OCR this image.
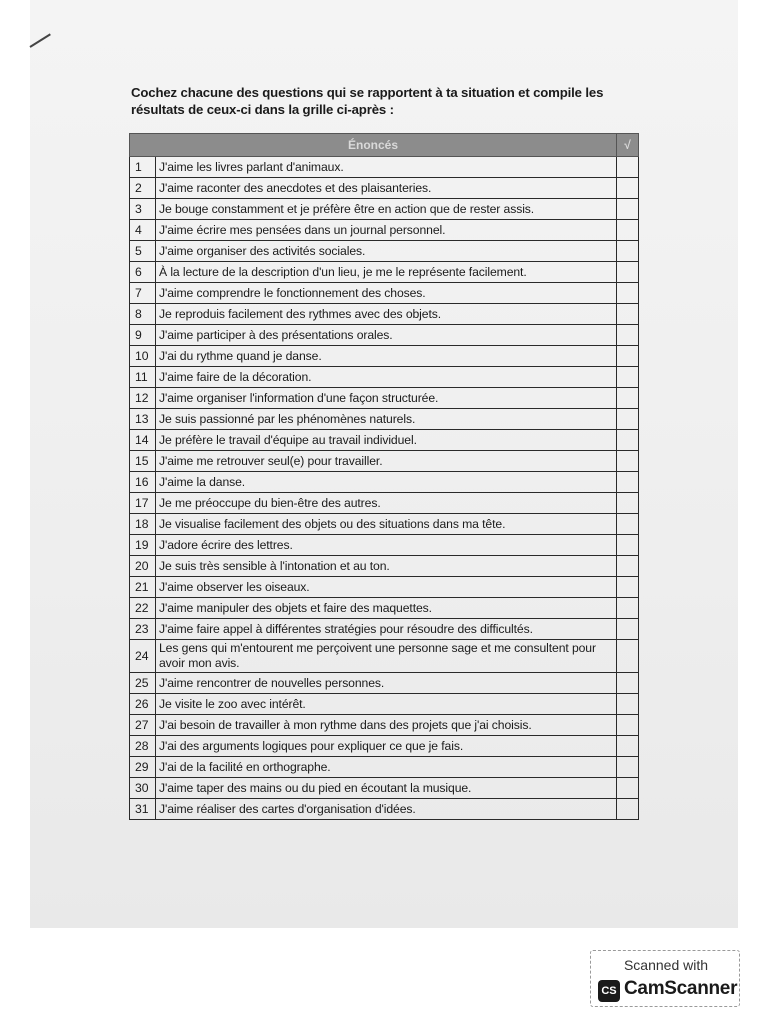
Cochez chacune des questions qui se rapportent à ta situation et compile les résultats de ceux-ci dans la grille ci-après :
Énoncés		√
1	J'aime les livres parlant d'animaux.	
2	J'aime raconter des anecdotes et des plaisanteries.	
3	Je bouge constamment et je préfère être en action que de rester assis.	
4	J'aime écrire mes pensées dans un journal personnel.	
5	J'aime organiser des activités sociales.	
6	À la lecture de la description d'un lieu, je me le représente facilement.	
7	J'aime comprendre le fonctionnement des choses.	
8	Je reproduis facilement des rythmes avec des objets.	
9	J'aime participer à des présentations orales.	
10	J'ai du rythme quand je danse.	
11	J'aime faire de la décoration.	
12	J'aime organiser l'information d'une façon structurée.	
13	Je suis passionné par les phénomènes naturels.	
14	Je préfère le travail d'équipe au travail individuel.	
15	J'aime me retrouver seul(e) pour travailler.	
16	J'aime la danse.	
17	Je me préoccupe du bien-être des autres.	
18	Je visualise facilement des objets ou des situations dans ma tête.	
19	J'adore écrire des lettres.	
20	Je suis très sensible à l'intonation et au ton.	
21	J'aime observer les oiseaux.	
22	J'aime manipuler des objets et faire des maquettes.	
23	J'aime faire appel à différentes stratégies pour résoudre des difficultés.	
24	Les gens qui m'entourent me perçoivent une personne sage et me consultent pour avoir mon avis.	
25	J'aime rencontrer de nouvelles personnes.	
26	Je visite le zoo avec intérêt.	
27	J'ai besoin de travailler à mon rythme dans des projets que j'ai choisis.	
28	J'ai des arguments logiques pour expliquer ce que je fais.	
29	J'ai de la facilité en orthographe.	
30	J'aime taper des mains ou du pied en écoutant la musique.	
31	J'aime réaliser des cartes d'organisation d'idées.	
Scanned with
CS CamScanner
